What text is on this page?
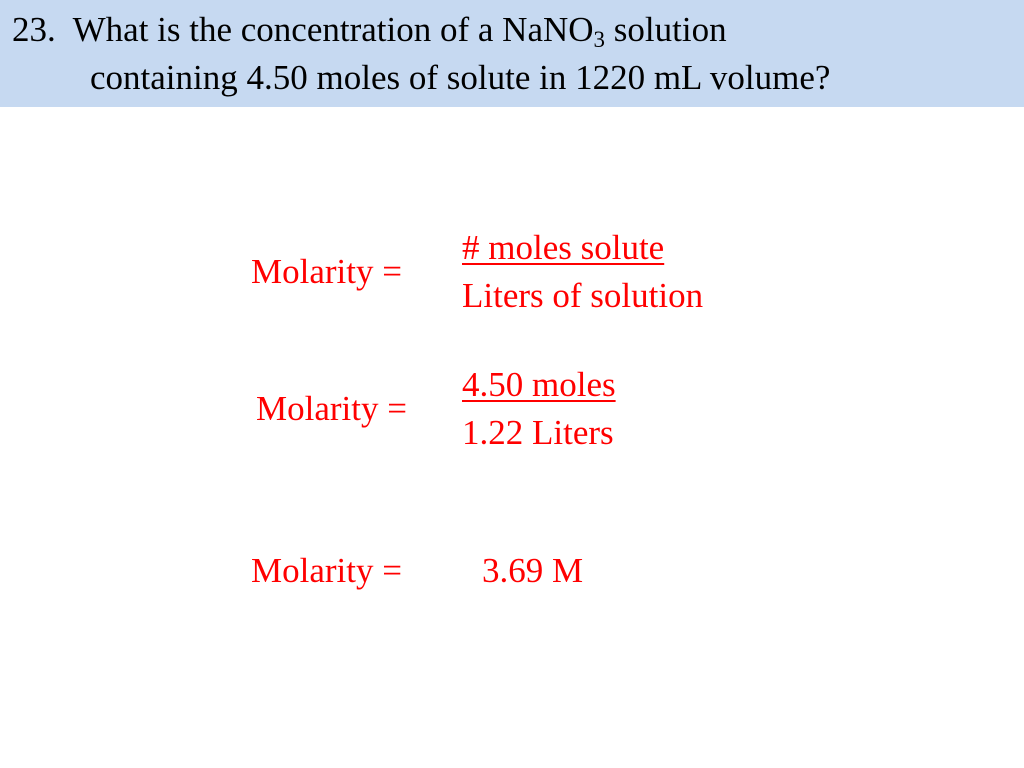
23. What is the concentration of a NaNO$_3$ solution
containing 4.50 moles of solute in 1220 mL volume?
Molarity =
# moles solute
Liters of solution
Molarity =
4.50 moles
1.22 Liters
Molarity = 3.69 M
